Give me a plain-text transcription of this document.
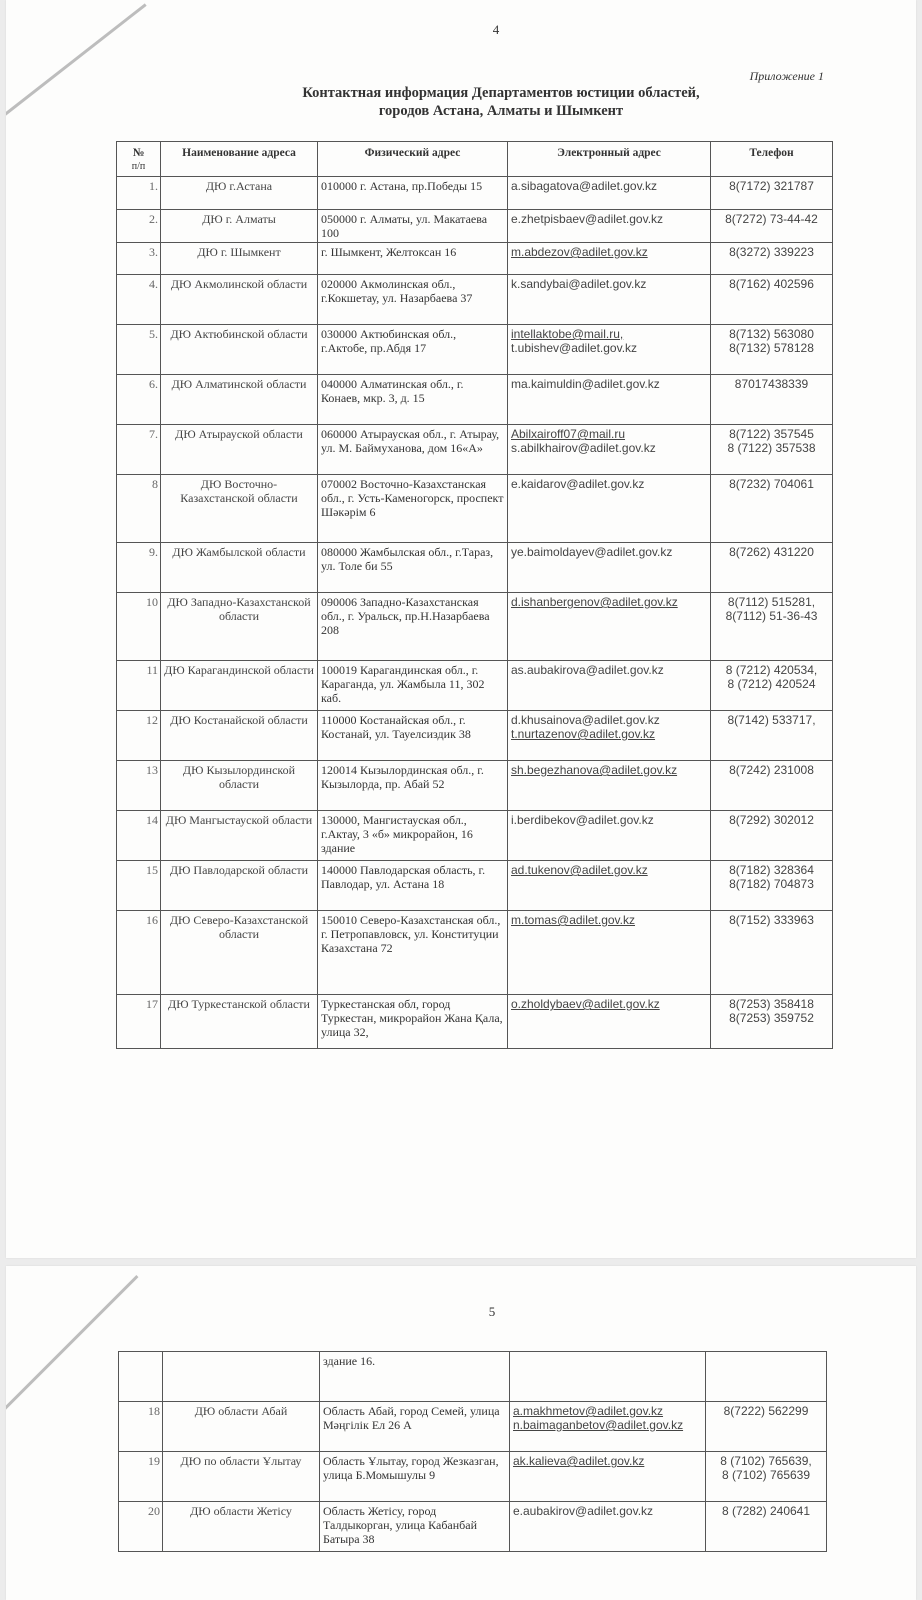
4
Приложение 1
Контактная информация Департаментов юстиции областей,
городов Астана, Алматы и Шымкент
№
п/п	Наименование адреса	Физический адрес	Электронный адрес	Телефон
1.	ДЮ г.Астана	010000 г. Астана, пр.Победы 15	a.sibagatova@adilet.gov.kz	8(7172) 321787

2.	ДЮ г. Алматы	050000 г. Алматы, ул. Макатаева 100	e.zhetpisbaev@adilet.gov.kz	8(7272) 73-44-42

3.	ДЮ г. Шымкент	г. Шымкент, Желтоксан 16	m.abdezov@adilet.gov.kz	8(3272) 339223

4.	ДЮ Акмолинской области	020000 Акмолинская обл., г.Кокшетау, ул. Назарбаева 37	k.sandybai@adilet.gov.kz	8(7162) 402596

5.	ДЮ Актюбинской области	030000 Актюбинская обл., г.Актобе, пр.Абдя 17	intellaktobe@mail.ru,
t.ubishev@adilet.gov.kz	8(7132) 563080
8(7132) 578128

6.	ДЮ Алматинской области	040000 Алматинская обл., г. Конаев, мкр. 3, д. 15	ma.kaimuldin@adilet.gov.kz	87017438339

7.	ДЮ Атырауской области	060000 Атырауская обл., г. Атырау, ул. М. Баймуханова, дом 16«А»	Abilxairoff07@mail.ru
s.abilkhairov@adilet.gov.kz	8(7122) 357545
8 (7122) 357538

8	ДЮ Восточно-Казахстанской области	070002 Восточно-Казахстанская обл., г. Усть-Каменогорск, проспект Шәкәрім 6	e.kaidarov@adilet.gov.kz	8(7232) 704061

9.	ДЮ Жамбылской области	080000 Жамбылская обл., г.Тараз, ул. Толе би 55	ye.baimoldayev@adilet.gov.kz	8(7262) 431220

10	ДЮ Западно-Казахстанской области	090006 Западно-Казахстанская обл., г. Уральск, пр.Н.Назарбаева 208	d.ishanbergenov@adilet.gov.kz	8(7112) 515281,
8(7112) 51-36-43

11	ДЮ Карагандинской области	100019 Карагандинская обл., г. Караганда, ул. Жамбыла 11, 302 каб.	as.aubakirova@adilet.gov.kz	8 (7212) 420534,
8 (7212) 420524

12	ДЮ Костанайской области	110000 Костанайская обл., г. Костанай, ул. Тауелсиздик 38	d.khusainova@adilet.gov.kz
t.nurtazenov@adilet.gov.kz	8(7142) 533717,

13	ДЮ Кызылординской области	120014 Кызылординская обл., г. Кызылорда, пр. Абай 52	sh.begezhanova@adilet.gov.kz	8(7242) 231008

14	ДЮ Мангыстауской области	130000, Мангистауская обл., г.Актау, 3 «б» микрорайон, 16 здание	i.berdibekov@adilet.gov.kz	8(7292) 302012

15	ДЮ Павлодарской области	140000 Павлодарская область, г. Павлодар, ул. Астана 18	ad.tukenov@adilet.gov.kz	8(7182) 328364
8(7182) 704873

16	ДЮ Северо-Казахстанской области	150010 Северо-Казахстанская обл., г. Петропавловск, ул. Конституции Казахстана 72	m.tomas@adilet.gov.kz	8(7152) 333963

17	ДЮ Туркестанской области	Туркестанская обл, город Туркестан, микрорайон Жана Қала, улица 32,	o.zholdybaev@adilet.gov.kz	8(7253) 358418
8(7253) 359752
5
		здание 16.		
18	ДЮ области Абай	Область Абай, город Семей, улица Мәңгілік Ел 26 А	a.makhmetov@adilet.gov.kz
n.baimaganbetov@adilet.gov.kz	8(7222) 562299

19	ДЮ по области Ұлытау	Область Ұлытау, город Жезказган, улица Б.Момышулы 9	ak.kalieva@adilet.gov.kz	8 (7102) 765639,
8 (7102) 765639

20	ДЮ области Жетісу	Область Жетісу, город Талдыкорган, улица Кабанбай Батыра 38	e.aubakirov@adilet.gov.kz	8 (7282) 240641
